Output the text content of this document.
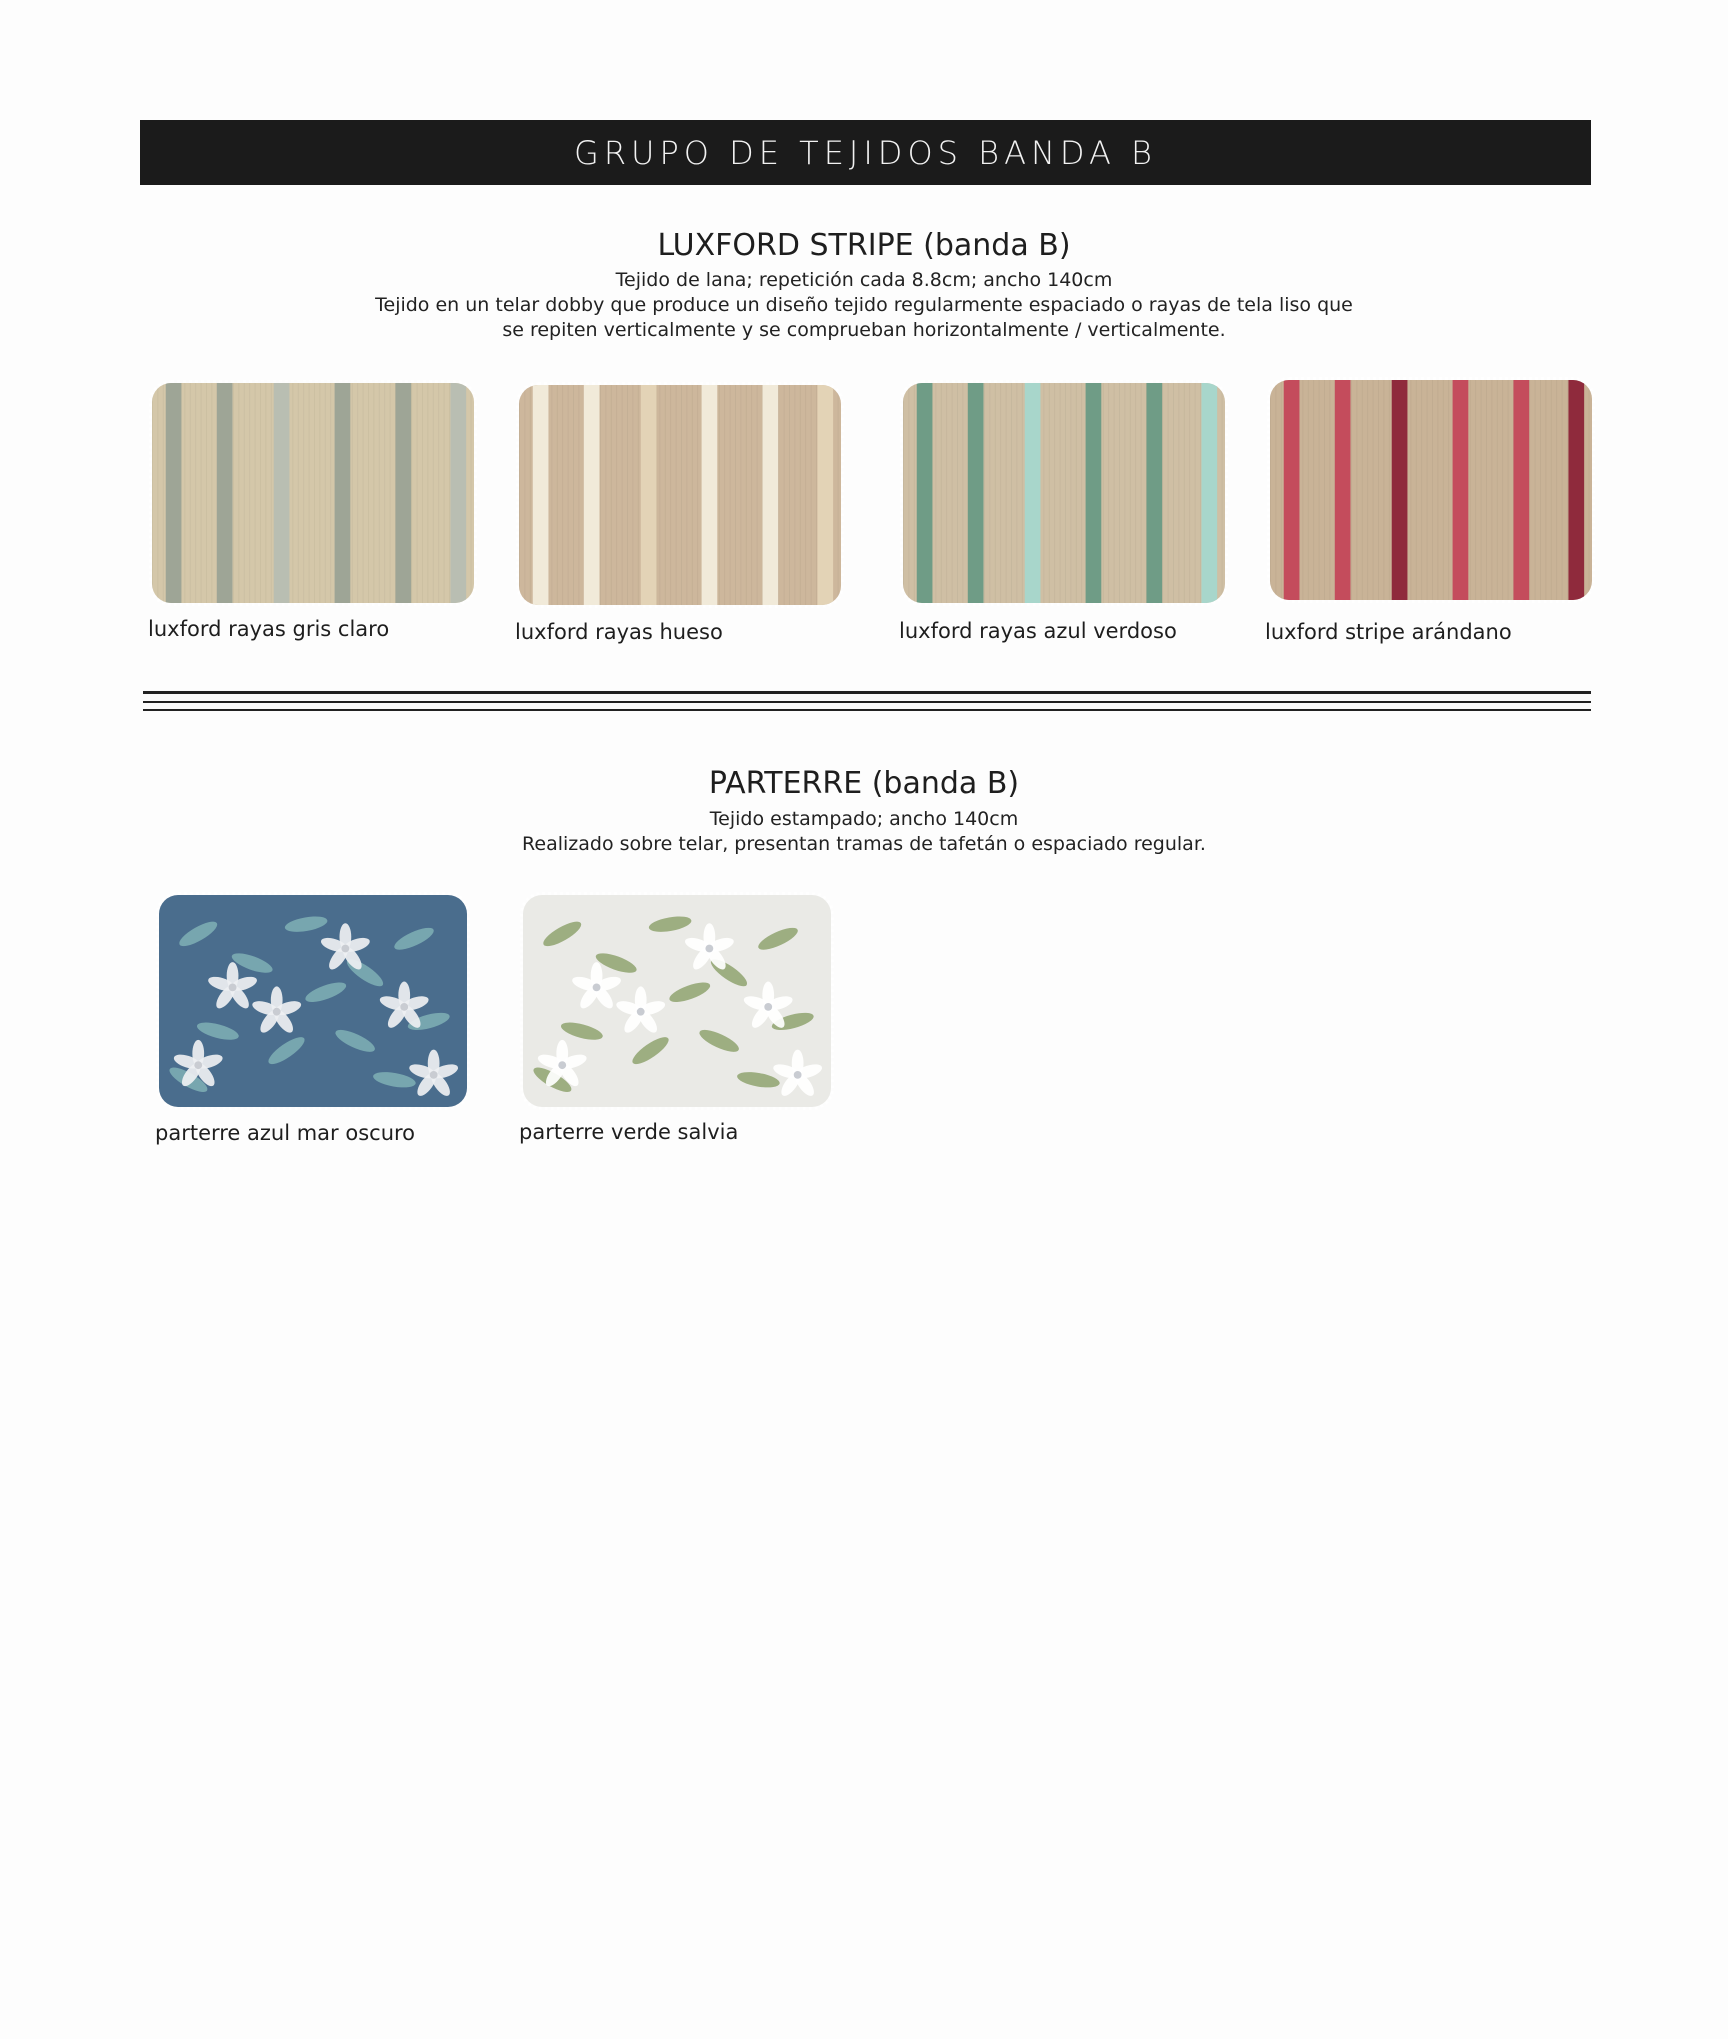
GRUPO DE TEJIDOS BANDA B
LUXFORD STRIPE (banda B)

Tejido de lana; repetición cada 8.8cm; ancho 140cm

Tejido en un telar dobby que produce un diseño tejido regularmente espaciado o rayas de tela liso que

se repiten verticalmente y se comprueban horizontalmente / verticalmente.

luxford rayas gris claro	luxford rayas hueso	luxford rayas azul verdoso	luxford stripe arándano
PARTERRE (banda B)

Tejido estampado; ancho 140cm

Realizado sobre telar, presentan tramas de tafetán o espaciado regular.

parterre azul mar oscuro	parterre verde salvia
